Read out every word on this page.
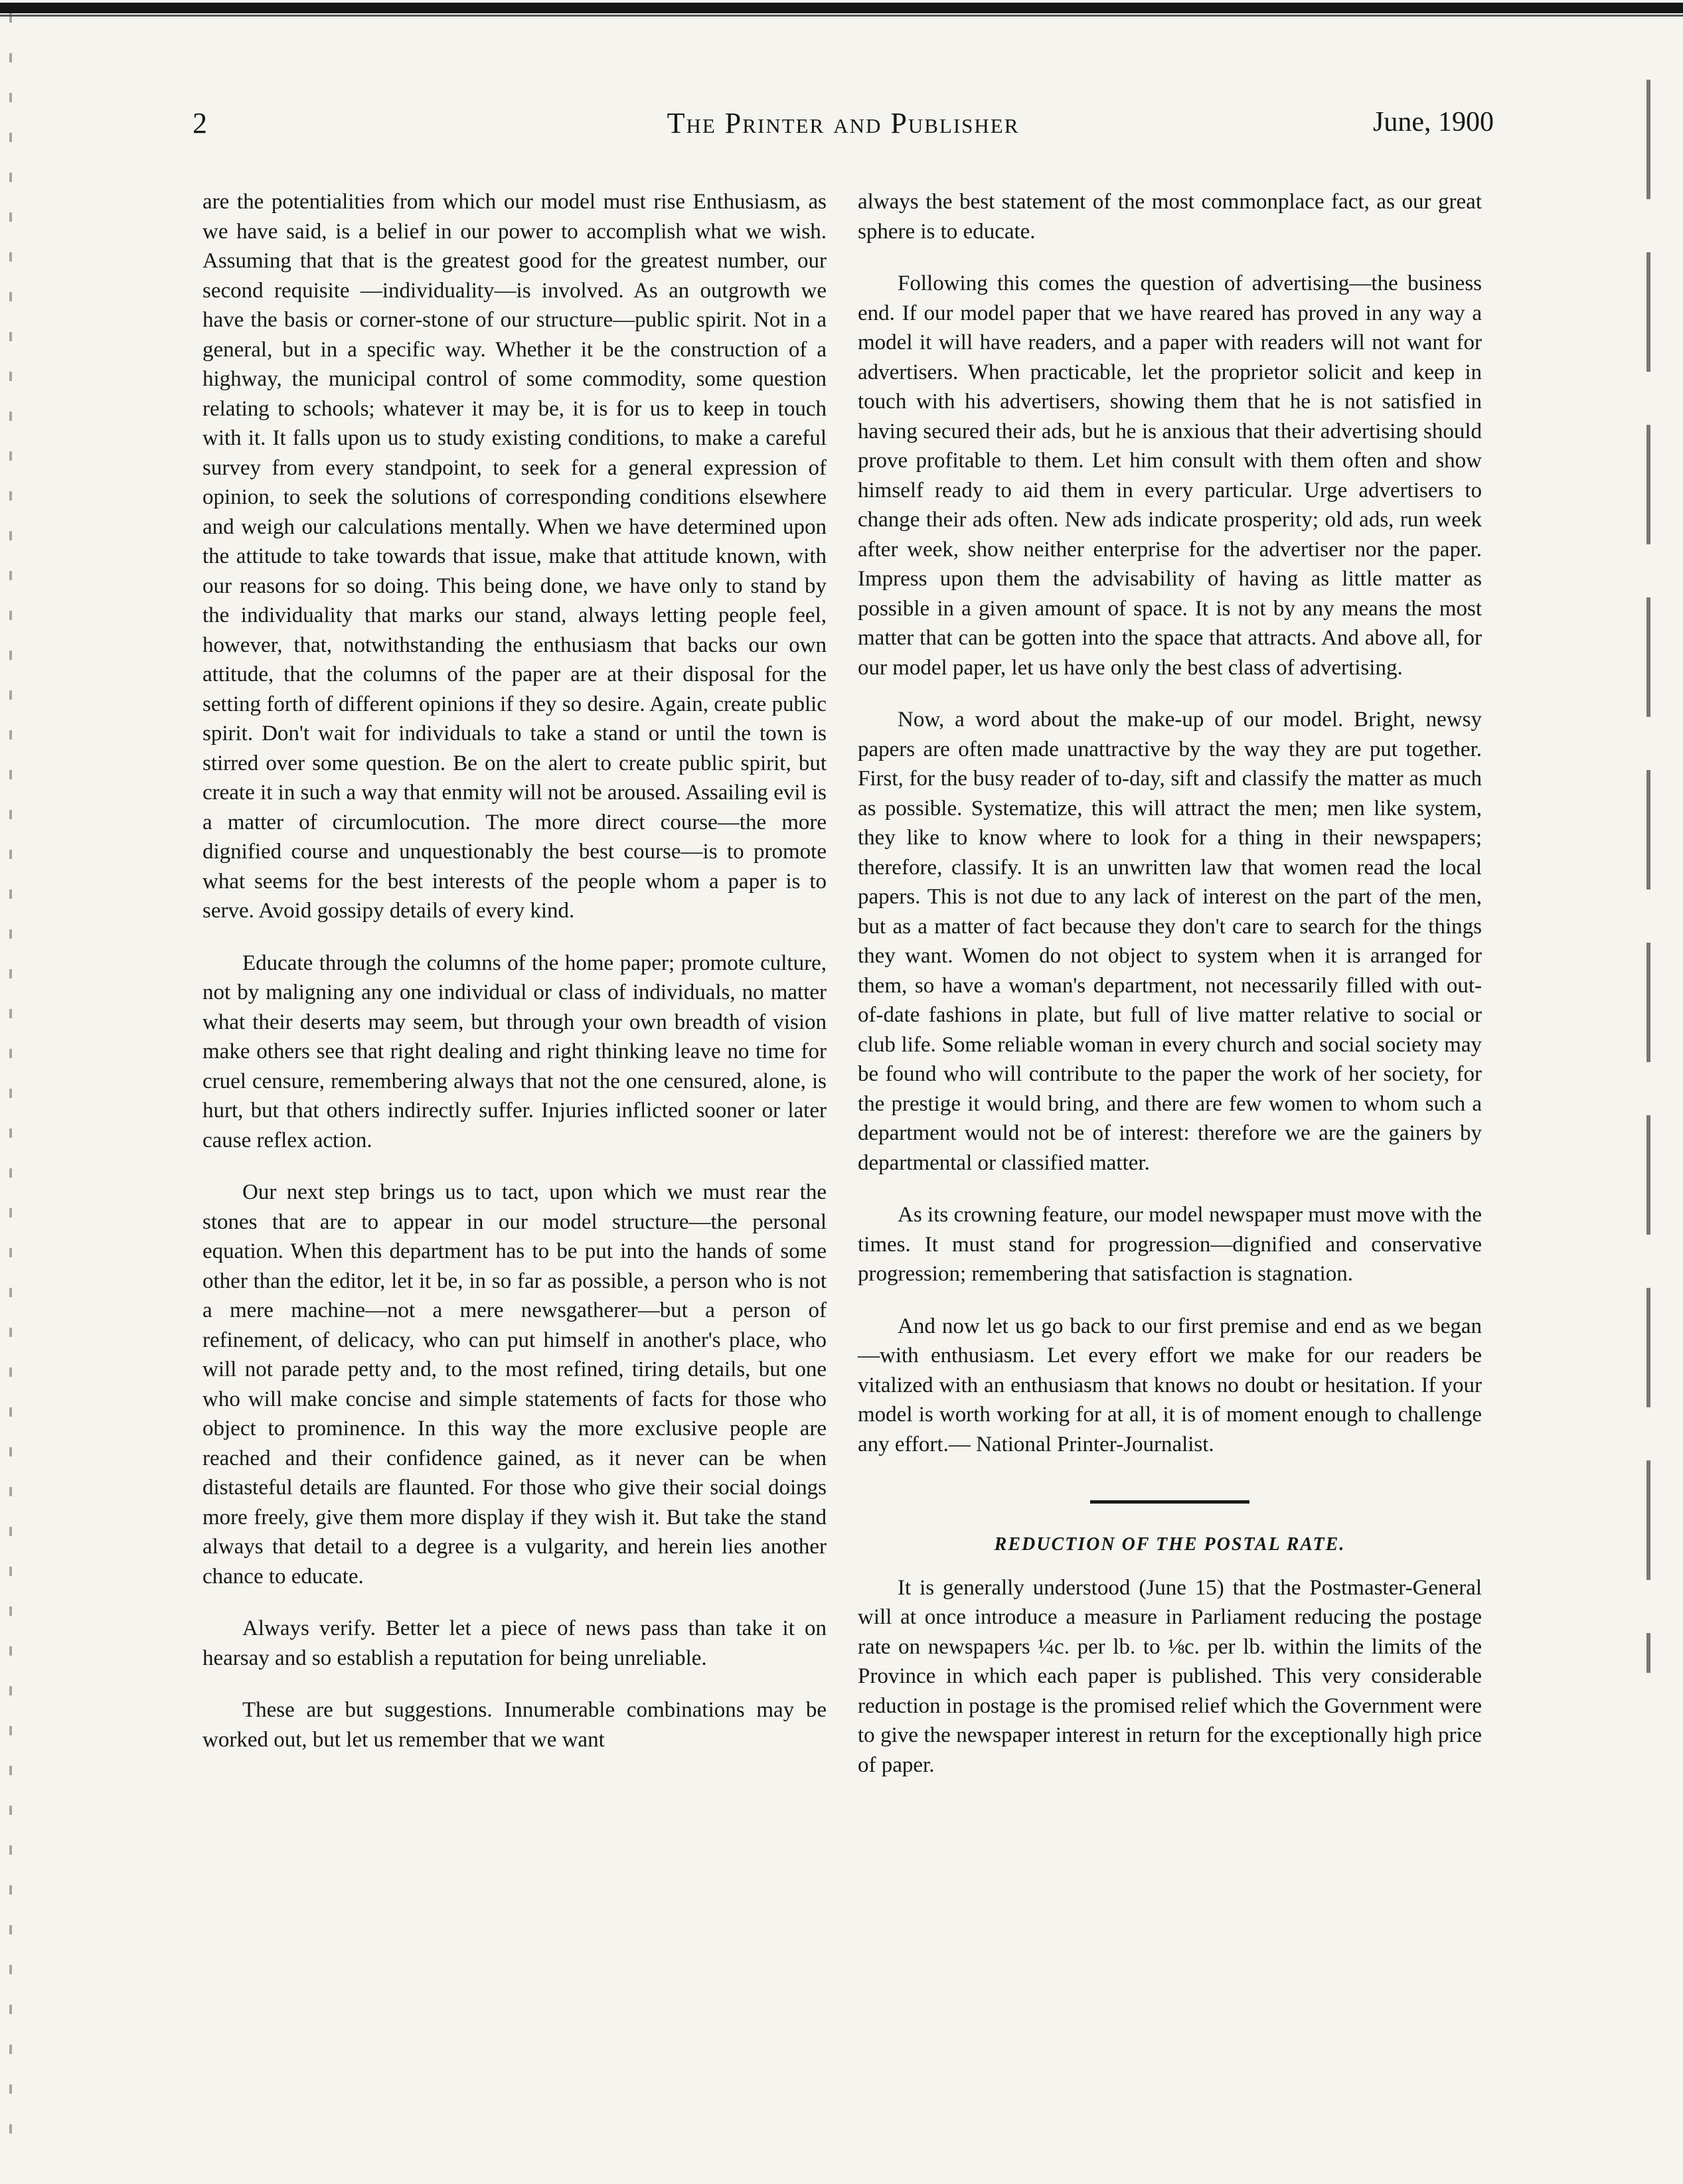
The Printer and Publisher
2	June, 1900

are the potentialities from which our model must rise Enthusiasm, as we have said, is a belief in our power to accomplish what we wish. Assuming that that is the greatest good for the greatest number, our second requisite —individuality—is involved. As an outgrowth we have the basis or corner-stone of our structure—public spirit. Not in a general, but in a specific way. Whether it be the construction of a highway, the municipal control of some commodity, some question relating to schools; whatever it may be, it is for us to keep in touch with it. It falls upon us to study existing conditions, to make a careful survey from every standpoint, to seek for a general expression of opinion, to seek the solutions of corresponding conditions elsewhere and weigh our calculations mentally. When we have determined upon the attitude to take towards that issue, make that attitude known, with our reasons for so doing. This being done, we have only to stand by the individuality that marks our stand, always letting people feel, however, that, notwithstanding the enthusiasm that backs our own attitude, that the columns of the paper are at their disposal for the setting forth of different opinions if they so desire. Again, create public spirit. Don't wait for individuals to take a stand or until the town is stirred over some question. Be on the alert to create public spirit, but create it in such a way that enmity will not be aroused. Assailing evil is a matter of circumlocution. The more direct course—the more dignified course and unquestionably the best course—is to promote what seems for the best interests of the people whom a paper is to serve. Avoid gossipy details of every kind.

Educate through the columns of the home paper; promote culture, not by maligning any one individual or class of individuals, no matter what their deserts may seem, but through your own breadth of vision make others see that right dealing and right thinking leave no time for cruel censure, remembering always that not the one censured, alone, is hurt, but that others indirectly suffer. Injuries inflicted sooner or later cause reflex action.

Our next step brings us to tact, upon which we must rear the stones that are to appear in our model structure—the personal equation. When this department has to be put into the hands of some other than the editor, let it be, in so far as possible, a person who is not a mere machine—not a mere newsgatherer—but a person of refinement, of delicacy, who can put himself in another's place, who will not parade petty and, to the most refined, tiring details, but one who will make concise and simple statements of facts for those who object to prominence. In this way the more exclusive people are reached and their confidence gained, as it never can be when distasteful details are flaunted. For those who give their social doings more freely, give them more display if they wish it. But take the stand always that detail to a degree is a vulgarity, and herein lies another chance to educate.

Always verify. Better let a piece of news pass than take it on hearsay and so establish a reputation for being unreliable.

These are but suggestions. Innumerable combinations may be worked out, but let us remember that we want

always the best statement of the most commonplace fact, as our great sphere is to educate.

Following this comes the question of advertising—the business end. If our model paper that we have reared has proved in any way a model it will have readers, and a paper with readers will not want for advertisers. When practicable, let the proprietor solicit and keep in touch with his advertisers, showing them that he is not satisfied in having secured their ads, but he is anxious that their advertising should prove profitable to them. Let him consult with them often and show himself ready to aid them in every particular. Urge advertisers to change their ads often. New ads indicate prosperity; old ads, run week after week, show neither enterprise for the advertiser nor the paper. Impress upon them the advisability of having as little matter as possible in a given amount of space. It is not by any means the most matter that can be gotten into the space that attracts. And above all, for our model paper, let us have only the best class of advertising.

Now, a word about the make-up of our model. Bright, newsy papers are often made unattractive by the way they are put together. First, for the busy reader of to-day, sift and classify the matter as much as possible. Systematize, this will attract the men; men like system, they like to know where to look for a thing in their newspapers; therefore, classify. It is an unwritten law that women read the local papers. This is not due to any lack of interest on the part of the men, but as a matter of fact because they don't care to search for the things they want. Women do not object to system when it is arranged for them, so have a woman's department, not necessarily filled with out-of-date fashions in plate, but full of live matter relative to social or club life. Some reliable woman in every church and social society may be found who will contribute to the paper the work of her society, for the prestige it would bring, and there are few women to whom such a department would not be of interest: therefore we are the gainers by departmental or classified matter.

As its crowning feature, our model newspaper must move with the times. It must stand for progression—dignified and conservative progression; remembering that satisfaction is stagnation.

And now let us go back to our first premise and end as we began—with enthusiasm. Let every effort we make for our readers be vitalized with an enthusiasm that knows no doubt or hesitation. If your model is worth working for at all, it is of moment enough to challenge any effort.— National Printer-Journalist.

REDUCTION OF THE POSTAL RATE.

It is generally understood (June 15) that the Postmaster-General will at once introduce a measure in Parliament reducing the postage rate on newspapers ¼c. per lb. to ⅛c. per lb. within the limits of the Province in which each paper is published. This very considerable reduction in postage is the promised relief which the Government were to give the newspaper interest in return for the exceptionally high price of paper.
